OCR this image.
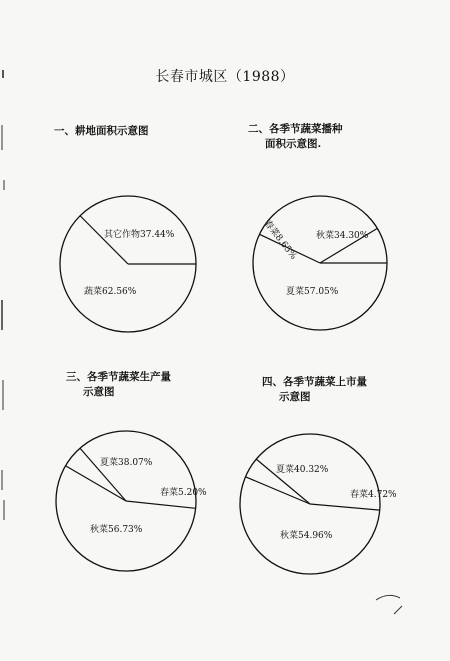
长春市城区（1988）
一、耕地面积示意图	二、各季节蔬菜播种
面积示意图.
三、各季节蔬菜生产量
示意图
四、各季节蔬菜上市量
示意图
其它作物37.44%
蔬菜62.56%
春菜8.65% 秋菜34.30%
夏菜57.05%
夏菜38.07%
春菜5.20%
秋菜56.73%
夏菜40.32%
春菜4.72%
秋菜54.96%
